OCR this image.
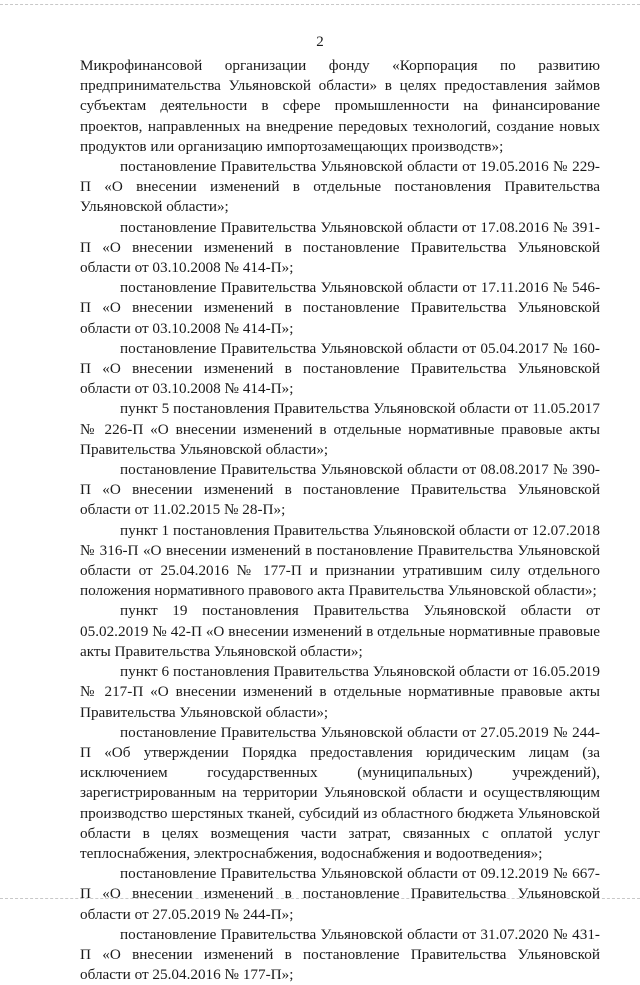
2

Микрофинансовой организации фонду «Корпорация по развитию предпринимательства Ульяновской области» в целях предоставления займов субъектам деятельности в сфере промышленности на финансирование проектов, направленных на внедрение передовых технологий, создание новых продуктов или организацию импортозамещающих производств»;

постановление Правительства Ульяновской области от 19.05.2016 № 229-П «О внесении изменений в отдельные постановления Правительства Ульяновской области»;

постановление Правительства Ульяновской области от 17.08.2016 № 391-П «О внесении изменений в постановление Правительства Ульяновской области от 03.10.2008 № 414-П»;

постановление Правительства Ульяновской области от 17.11.2016 № 546-П «О внесении изменений в постановление Правительства Ульяновской области от 03.10.2008 № 414-П»;

постановление Правительства Ульяновской области от 05.04.2017 № 160-П «О внесении изменений в постановление Правительства Ульяновской области от 03.10.2008 № 414-П»;

пункт 5 постановления Правительства Ульяновской области от 11.05.2017 № 226-П «О внесении изменений в отдельные нормативные правовые акты Правительства Ульяновской области»;

постановление Правительства Ульяновской области от 08.08.2017 № 390-П «О внесении изменений в постановление Правительства Ульяновской области от 11.02.2015 № 28-П»;

пункт 1 постановления Правительства Ульяновской области от 12.07.2018 № 316-П «О внесении изменений в постановление Правительства Ульяновской области от 25.04.2016 № 177-П и признании утратившим силу отдельного положения нормативного правового акта Правительства Ульяновской области»;

пункт 19 постановления Правительства Ульяновской области от 05.02.2019 № 42-П «О внесении изменений в отдельные нормативные правовые акты Правительства Ульяновской области»;

пункт 6 постановления Правительства Ульяновской области от 16.05.2019 № 217-П «О внесении изменений в отдельные нормативные правовые акты Правительства Ульяновской области»;

постановление Правительства Ульяновской области от 27.05.2019 № 244-П «Об утверждении Порядка предоставления юридическим лицам (за исключением государственных (муниципальных) учреждений), зарегистрированным на территории Ульяновской области и осуществляющим производство шерстяных тканей, субсидий из областного бюджета Ульяновской области в целях возмещения части затрат, связанных с оплатой услуг теплоснабжения, электроснабжения, водоснабжения и водоотведения»;

постановление Правительства Ульяновской области от 09.12.2019 № 667-П «О внесении изменений в постановление Правительства Ульяновской области от 27.05.2019 № 244-П»;

постановление Правительства Ульяновской области от 31.07.2020 № 431-П «О внесении изменений в постановление Правительства Ульяновской области от 25.04.2016 № 177-П»;
